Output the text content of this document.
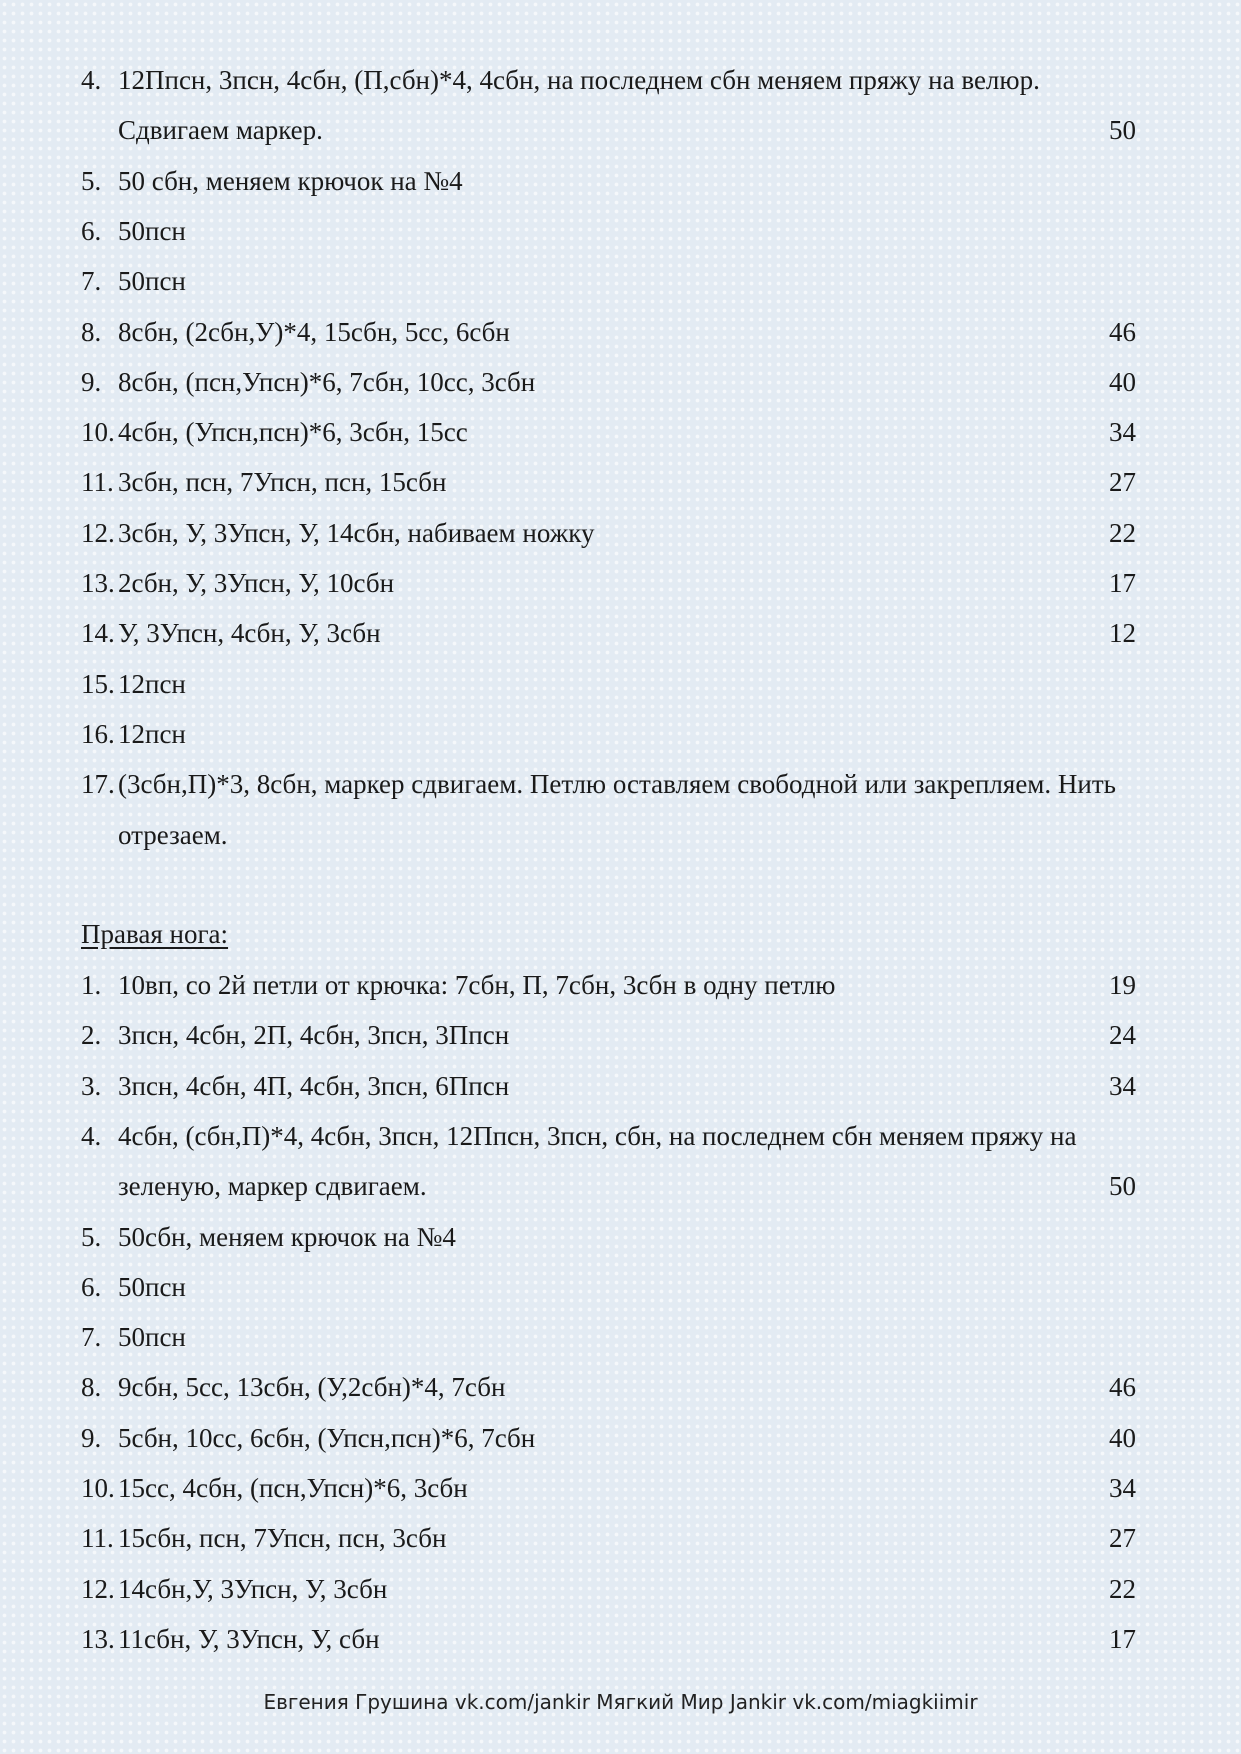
4. 12Ппсн, 3псн, 4сбн, (П,сбн)*4, 4сбн, на последнем сбн меняем пряжу на велюр.
Сдвигаем маркер.	50
5. 50 сбн, меняем крючок на №4
6. 50псн
7. 50псн
8. 8сбн, (2сбн,У)*4, 15сбн, 5сс, 6сбн	46
9. 8сбн, (псн,Упсн)*6, 7сбн, 10сс, 3сбн	40
10. 4сбн, (Упсн,псн)*6, 3сбн, 15сс	34
11. 3сбн, псн, 7Упсн, псн, 15сбн	27
12. 3сбн, У, 3Упсн, У, 14сбн, набиваем ножку	22
13. 2сбн, У, 3Упсн, У, 10сбн	17
14. У, 3Упсн, 4сбн, У, 3сбн	12
15. 12псн
16. 12псн
17. (3сбн,П)*3, 8сбн, маркер сдвигаем. Петлю оставляем свободной или закрепляем. Нить
отрезаем.
Правая нога:
1. 10вп, со 2й петли от крючка: 7сбн, П, 7сбн, 3сбн в одну петлю	19
2. 3псн, 4сбн, 2П, 4сбн, 3псн, 3Ппсн	24
3. 3псн, 4сбн, 4П, 4сбн, 3псн, 6Ппсн	34
4. 4сбн, (сбн,П)*4, 4сбн, 3псн, 12Ппсн, 3псн, сбн, на последнем сбн меняем пряжу на
зеленую, маркер сдвигаем.	50
5. 50сбн, меняем крючок на №4
6. 50псн
7. 50псн
8. 9сбн, 5сс, 13сбн, (У,2сбн)*4, 7сбн	46
9. 5сбн, 10сс, 6сбн, (Упсн,псн)*6, 7сбн	40
10. 15сс, 4сбн, (псн,Упсн)*6, 3сбн	34
11. 15сбн, псн, 7Упсн, псн, 3сбн	27
12. 14сбн,У, 3Упсн, У, 3сбн	22
13. 11сбн, У, 3Упсн, У, сбн	17
Евгения Грушина vk.com/jankir Мягкий Мир Jankir vk.com/miagkiimir
